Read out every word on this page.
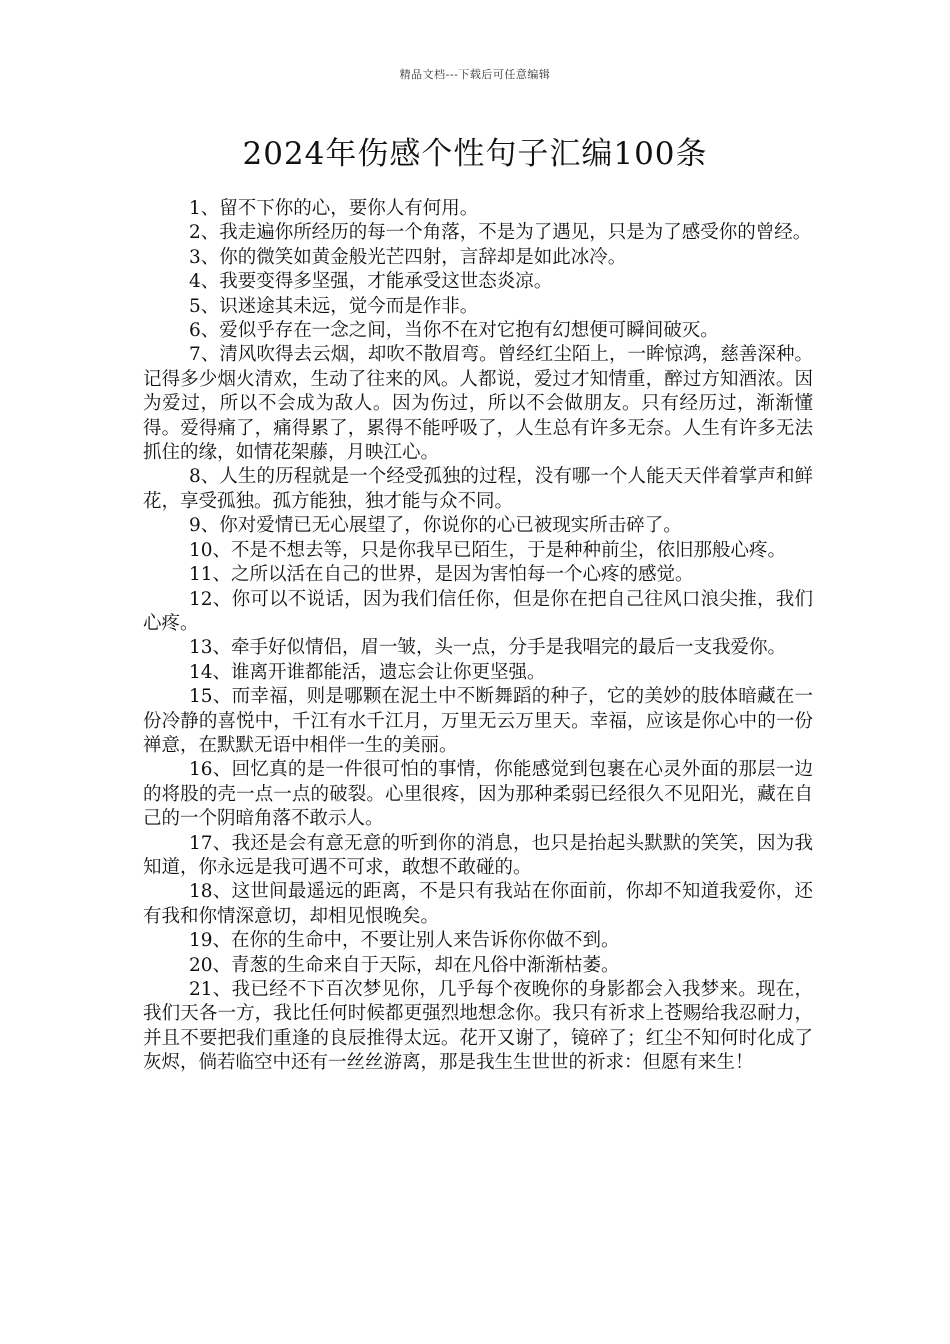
精品文档---下载后可任意编辑
2024年伤感个性句子汇编100条

1、留不下你的心，要你人有何用。

2、我走遍你所经历的每一个角落，不是为了遇见，只是为了感受你的曾经。

3、你的微笑如黄金般光芒四射，言辞却是如此冰冷。

4、我要变得多坚强，才能承受这世态炎凉。

5、识迷途其未远，觉今而是作非。

6、爱似乎存在一念之间，当你不在对它抱有幻想便可瞬间破灭。

7、清风吹得去云烟，却吹不散眉弯。曾经红尘陌上，一眸惊鸿，慈善深种。记得多少烟火清欢，生动了往来的风。人都说，爱过才知情重，醉过方知酒浓。因为爱过，所以不会成为敌人。因为伤过，所以不会做朋友。只有经历过，渐渐懂得。爱得痛了，痛得累了，累得不能呼吸了，人生总有许多无奈。人生有许多无法抓住的缘，如情花架藤，月映江心。

8、人生的历程就是一个经受孤独的过程，没有哪一个人能天天伴着掌声和鲜花，享受孤独。孤方能独，独才能与众不同。

9、你对爱情已无心展望了，你说你的心已被现实所击碎了。

10、不是不想去等，只是你我早已陌生，于是种种前尘，依旧那般心疼。

11、之所以活在自己的世界，是因为害怕每一个心疼的感觉。

12、你可以不说话，因为我们信任你，但是你在把自己往风口浪尖推，我们心疼。

13、牵手好似情侣，眉一皱，头一点，分手是我唱完的最后一支我爱你。

14、谁离开谁都能活，遗忘会让你更坚强。

15、而幸福，则是哪颗在泥土中不断舞蹈的种子，它的美妙的肢体暗藏在一份冷静的喜悦中，千江有水千江月，万里无云万里天。幸福，应该是你心中的一份禅意，在默默无语中相伴一生的美丽。

16、回忆真的是一件很可怕的事情，你能感觉到包裹在心灵外面的那层一边的将股的壳一点一点的破裂。心里很疼，因为那种柔弱已经很久不见阳光，藏在自己的一个阴暗角落不敢示人。

17、我还是会有意无意的听到你的消息，也只是抬起头默默的笑笑，因为我知道，你永远是我可遇不可求，敢想不敢碰的。

18、这世间最遥远的距离，不是只有我站在你面前，你却不知道我爱你，还有我和你情深意切，却相见恨晚矣。

19、在你的生命中，不要让别人来告诉你你做不到。

20、青葱的生命来自于天际，却在凡俗中渐渐枯萎。

21、我已经不下百次梦见你，几乎每个夜晚你的身影都会入我梦来。现在，我们天各一方，我比任何时候都更强烈地想念你。我只有祈求上苍赐给我忍耐力，并且不要把我们重逢的良辰推得太远。花开又谢了，镜碎了；红尘不知何时化成了灰烬，倘若临空中还有一丝丝游离，那是我生生世世的祈求：但愿有来生！
